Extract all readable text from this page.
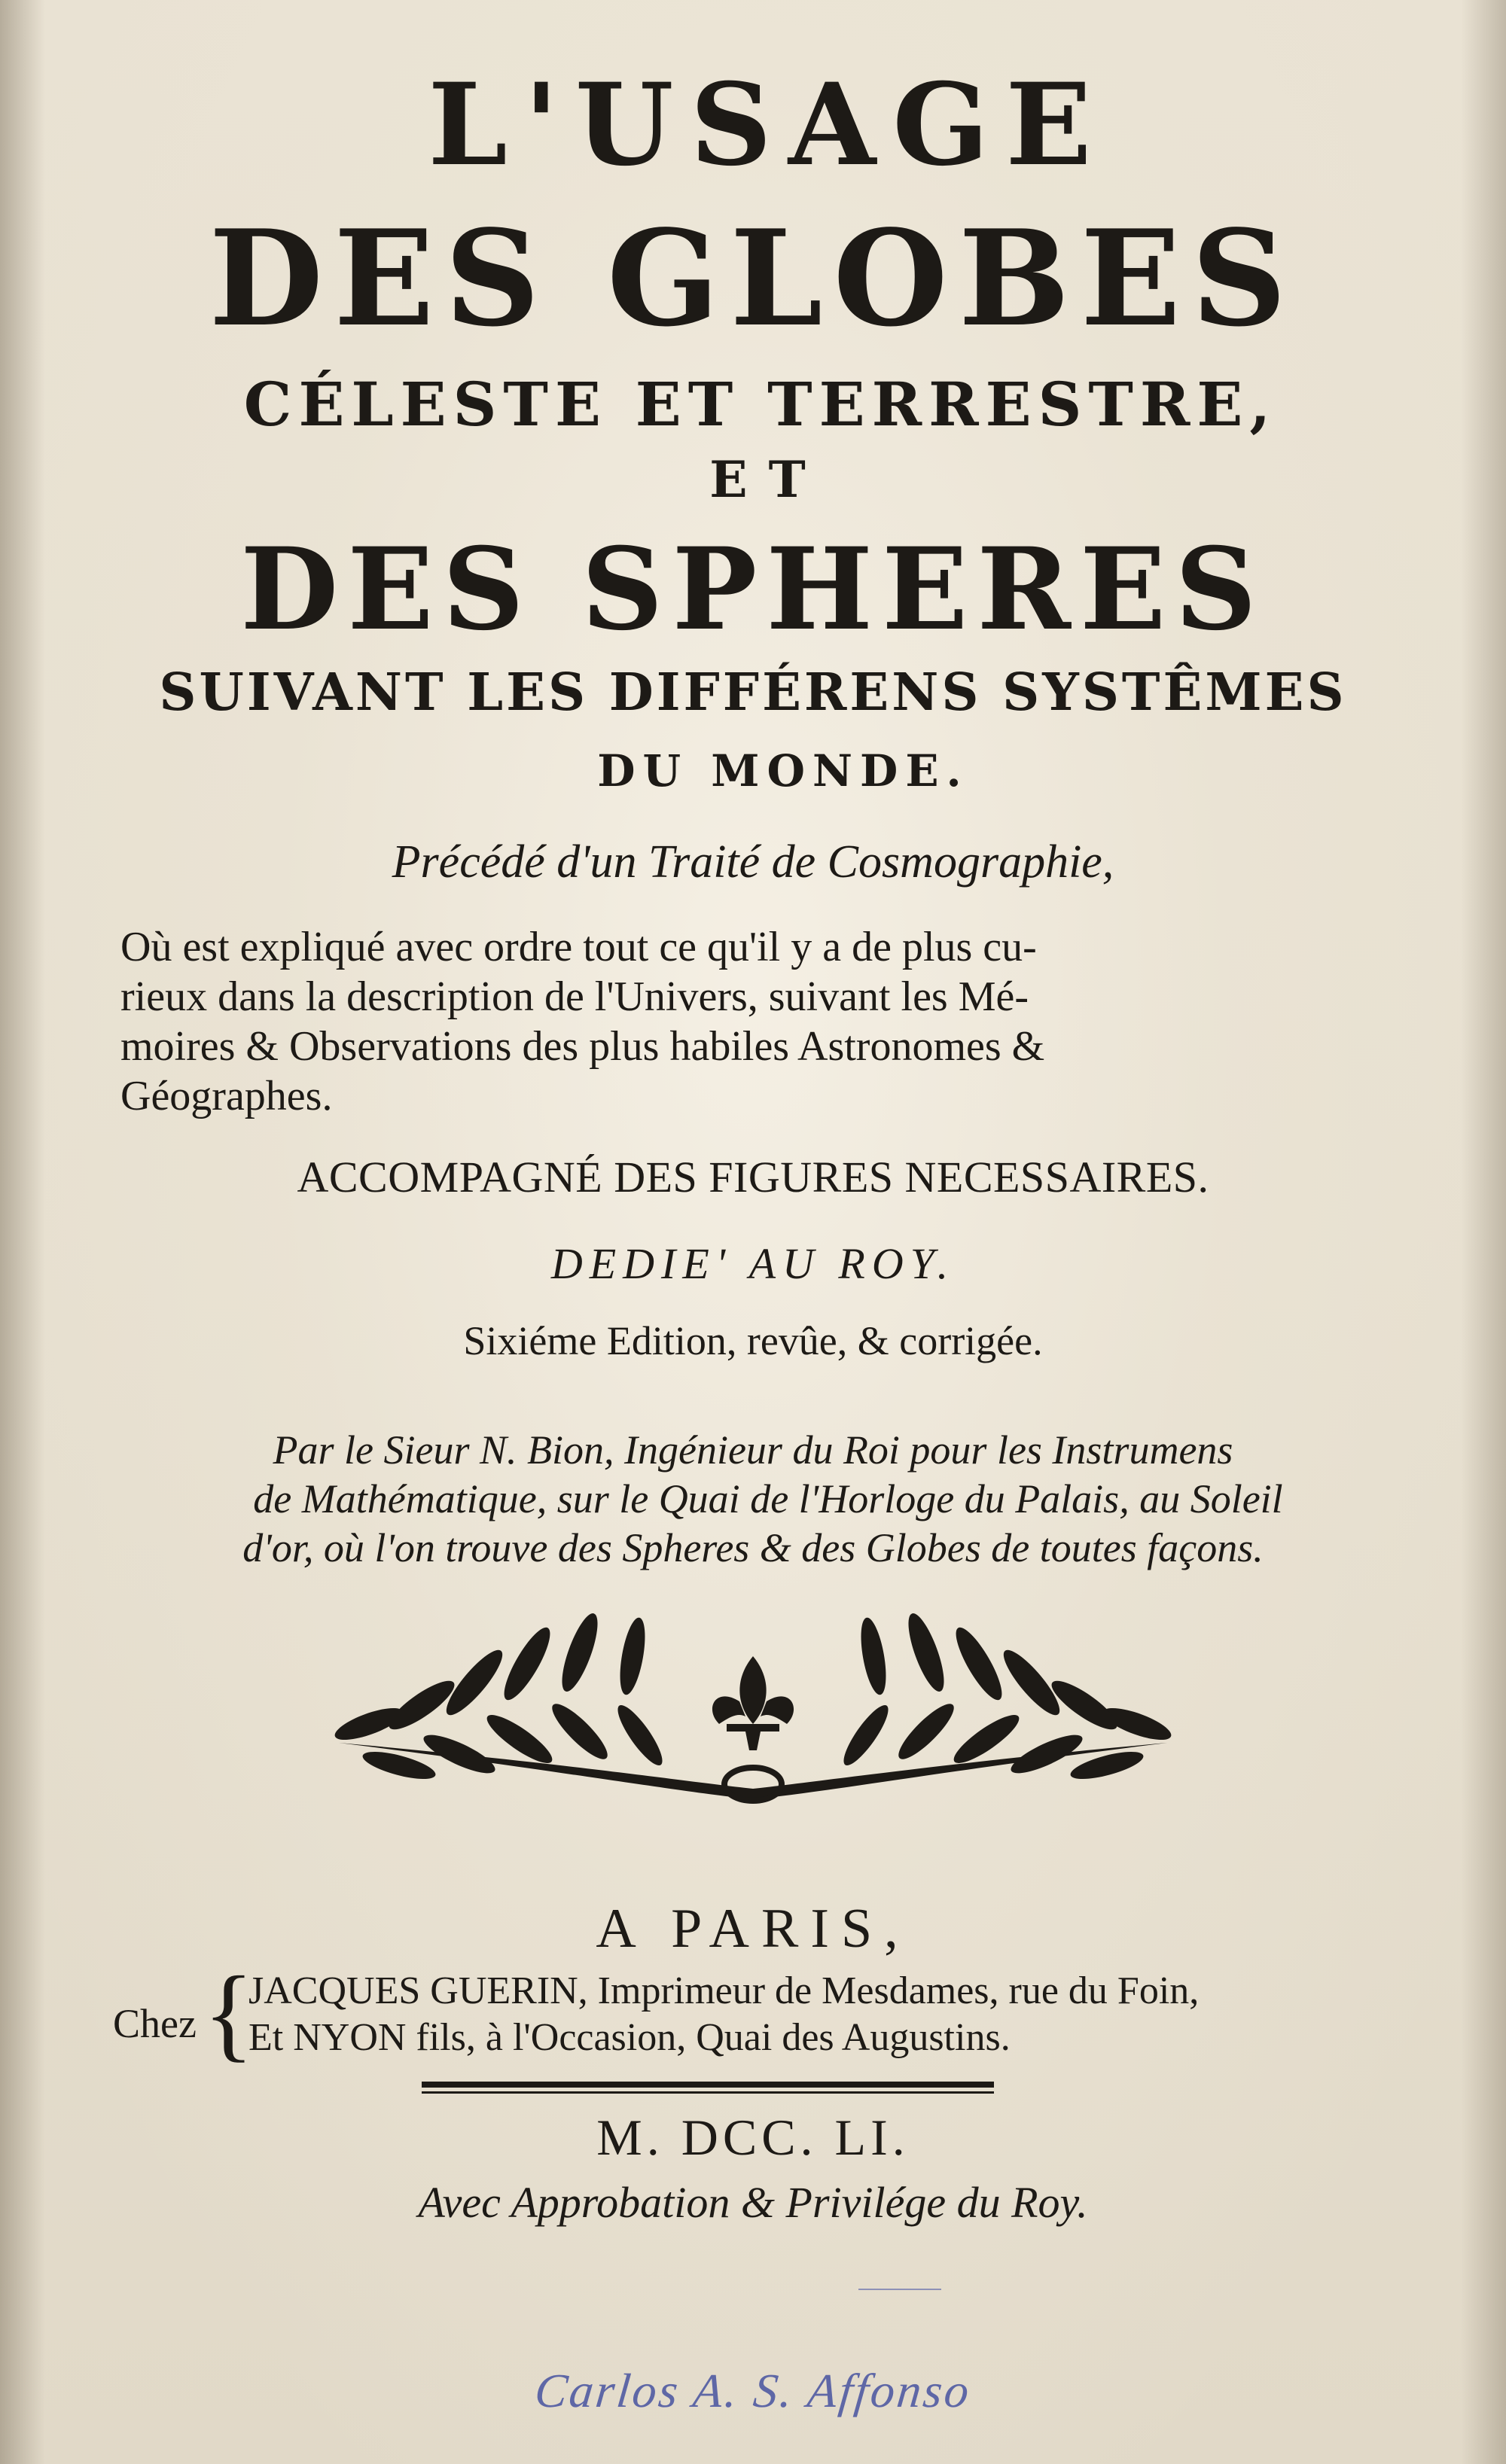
L'USAGE

DES GLOBES

CÉLESTE ET TERRESTRE,

ET

DES SPHERES

SUIVANT LES DIFFÉRENS SYSTÊMES

DU MONDE.

Précédé d'un Traité de Cosmographie,

Où est expliqué avec ordre tout ce qu'il y a de plus cu-
rieux dans la description de l'Univers, suivant les Mé-
moires & Observations des plus habiles Astronomes &
Géographes.

ACCOMPAGNÉ DES FIGURES NECESSAIRES.

DEDIE' AU ROY.

Sixiéme Edition, revûe, & corrigée.

Par le Sieur N. Bion, Ingénieur du Roi pour les Instrumens

de Mathématique, sur le Quai de l'Horloge du Palais, au Soleil

d'or, où l'on trouve des Spheres & des Globes de toutes façons.

A PARIS,

Chez {
JACQUES GUERIN, Imprimeur de Mesdames, rue du Foin,
Et NYON fils, à l'Occasion, Quai des Augustins.

M. DCC. LI.

Avec Approbation & Privilége du Roy.

Carlos A. S. Affonso
